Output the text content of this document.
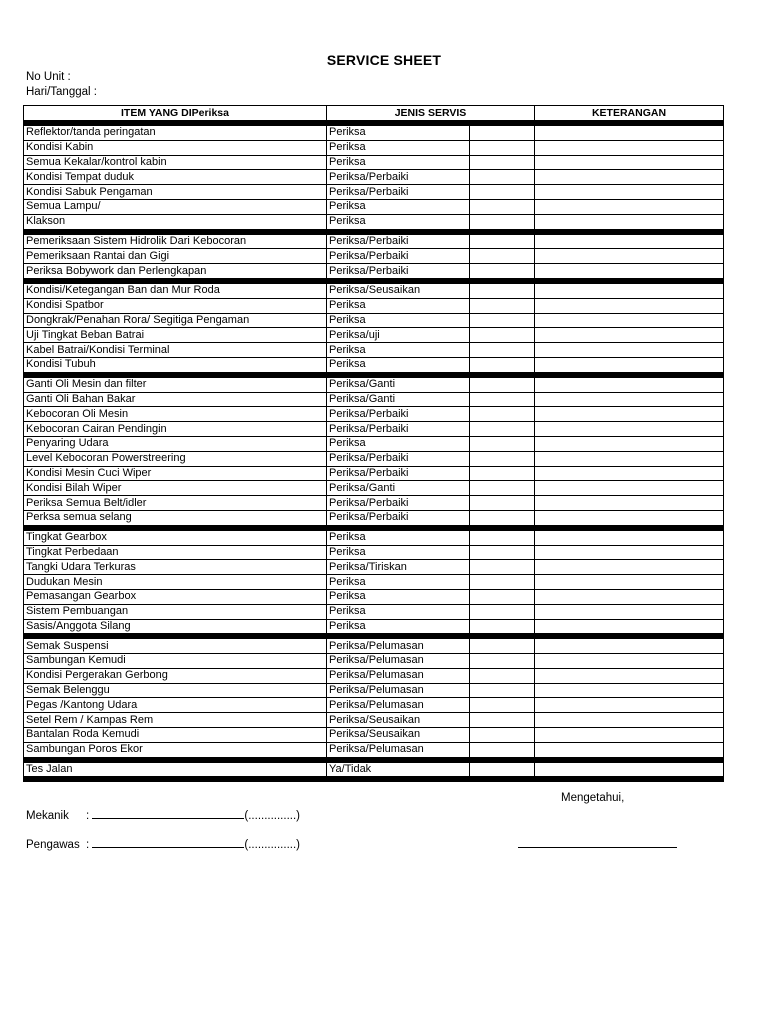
SERVICE SHEET
No Unit :
Hari/Tanggal :
ITEM YANG DIPeriksa	JENIS SERVIS		KETERANGAN

Reflektor/tanda peringatan	Periksa		
Kondisi Kabin	Periksa		
Semua Kekalar/kontrol kabin	Periksa		
Kondisi Tempat duduk	Periksa/Perbaiki		
Kondisi Sabuk Pengaman	Periksa/Perbaiki		
Semua Lampu/	Periksa		
Klakson	Periksa		

Pemeriksaan Sistem Hidrolik Dari Kebocoran	Periksa/Perbaiki		
Pemeriksaan Rantai dan Gigi	Periksa/Perbaiki		
Periksa Bobywork dan Perlengkapan	Periksa/Perbaiki		

Kondisi/Ketegangan Ban dan Mur Roda	Periksa/Seusaikan		
Kondisi Spatbor	Periksa		
Dongkrak/Penahan Rora/ Segitiga Pengaman	Periksa		
Uji Tingkat Beban Batrai	Periksa/uji		
Kabel Batrai/Kondisi Terminal	Periksa		
Kondisi Tubuh	Periksa		

Ganti Oli Mesin dan filter	Periksa/Ganti		
Ganti Oli Bahan Bakar	Periksa/Ganti		
Kebocoran Oli Mesin	Periksa/Perbaiki		
Kebocoran Cairan Pendingin	Periksa/Perbaiki		
Penyaring Udara	Periksa		
Level Kebocoran Powerstreering	Periksa/Perbaiki		
Kondisi Mesin Cuci Wiper	Periksa/Perbaiki		
Kondisi Bilah Wiper	Periksa/Ganti		
Periksa Semua Belt/idler	Periksa/Perbaiki		
Perksa semua selang	Periksa/Perbaiki		

Tingkat Gearbox	Periksa		
Tingkat Perbedaan	Periksa		
Tangki Udara Terkuras	Periksa/Tiriskan		
Dudukan Mesin	Periksa		
Pemasangan Gearbox	Periksa		
Sistem Pembuangan	Periksa		
Sasis/Anggota Silang	Periksa		

Semak Suspensi	Periksa/Pelumasan		
Sambungan Kemudi	Periksa/Pelumasan		
Kondisi Pergerakan Gerbong	Periksa/Pelumasan		
Semak Belenggu	Periksa/Pelumasan		
Pegas /Kantong Udara	Periksa/Pelumasan		
Setel Rem / Kampas Rem	Periksa/Seusaikan		
Bantalan Roda Kemudi	Periksa/Seusaikan		
Sambungan Poros Ekor	Periksa/Pelumasan		

Tes Jalan	Ya/Tidak		

Mengetahui,
Mekanik :	(...............)
Pengawas :	(...............)
